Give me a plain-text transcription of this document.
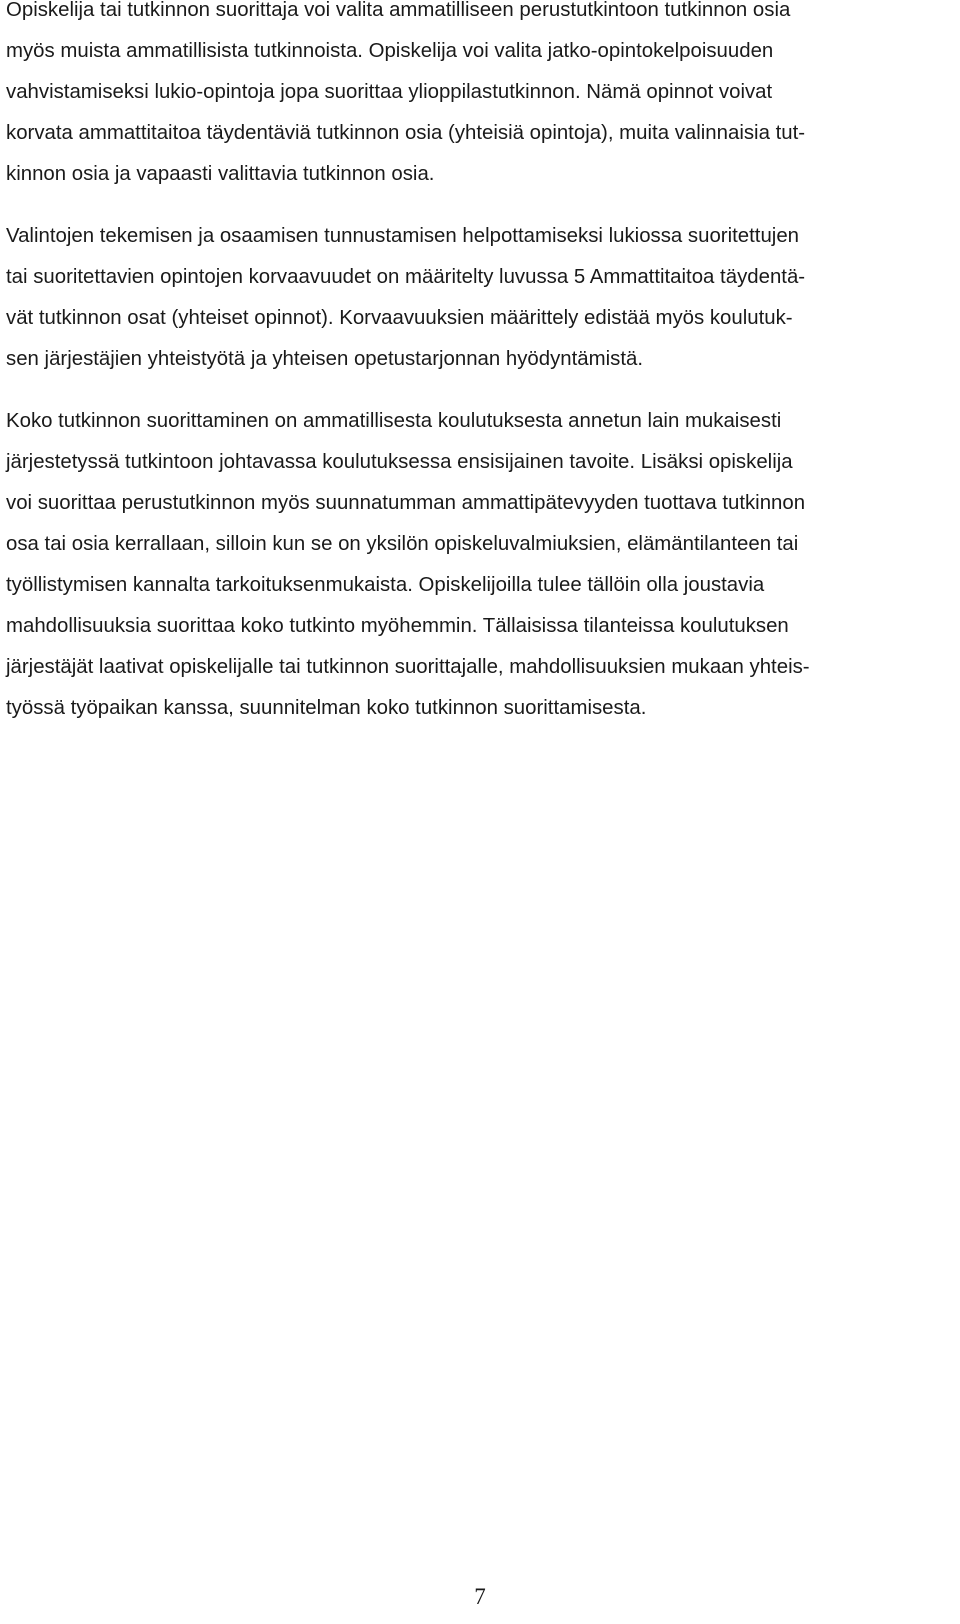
Opiskelija tai tutkinnon suorittaja voi valita ammatilliseen perustutkintoon tutkinnon osia
myös muista ammatillisista tutkinnoista. Opiskelija voi valita jatko-opintokelpoisuuden
vahvistamiseksi lukio-opintoja jopa suorittaa ylioppilastutkinnon. Nämä opinnot voivat
korvata ammattitaitoa täydentäviä tutkinnon osia (yhteisiä opintoja), muita valinnaisia tut-
kinnon osia ja vapaasti valittavia tutkinnon osia.

Valintojen tekemisen ja osaamisen tunnustamisen helpottamiseksi lukiossa suoritettujen
tai suoritettavien opintojen korvaavuudet on määritelty luvussa 5 Ammattitaitoa täydentä-
vät tutkinnon osat (yhteiset opinnot). Korvaavuuksien määrittely edistää myös koulutuk-
sen järjestäjien yhteistyötä ja yhteisen opetustarjonnan hyödyntämistä.

Koko tutkinnon suorittaminen on ammatillisesta koulutuksesta annetun lain mukaisesti
järjestetyssä tutkintoon johtavassa koulutuksessa ensisijainen tavoite. Lisäksi opiskelija
voi suorittaa perustutkinnon myös suunnatumman ammattipätevyyden tuottava tutkinnon
osa tai osia kerrallaan, silloin kun se on yksilön opiskeluvalmiuksien, elämäntilanteen tai
työllistymisen kannalta tarkoituksenmukaista. Opiskelijoilla tulee tällöin olla joustavia
mahdollisuuksia suorittaa koko tutkinto myöhemmin. Tällaisissa tilanteissa koulutuksen
järjestäjät laativat opiskelijalle tai tutkinnon suorittajalle, mahdollisuuksien mukaan yhteis-
työssä työpaikan kanssa, suunnitelman koko tutkinnon suorittamisesta.

7
